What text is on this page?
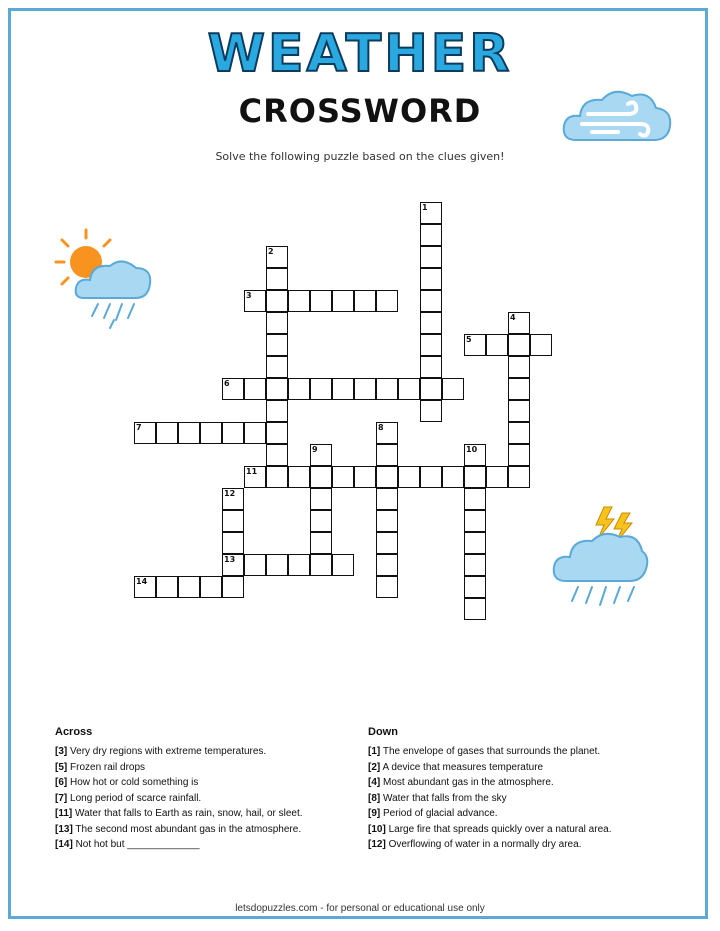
WEATHER
CROSSWORD
Solve the following puzzle based on the clues given!
1
2
3
4
5
6
7	8
9	10
11
12
13
14
Across
[3] Very dry regions with extreme temperatures.
[5] Frozen rail drops
[6] How hot or cold something is
[7] Long period of scarce rainfall.
[11] Water that falls to Earth as rain, snow, hail, or sleet.
[13] The second most abundant gas in the atmosphere.
[14] Not hot but _____________
Down
[1] The envelope of gases that surrounds the planet.
[2] A device that measures temperature
[4] Most abundant gas in the atmosphere.
[8] Water that falls from the sky
[9] Period of glacial advance.
[10] Large fire that spreads quickly over a natural area.
[12] Overflowing of water in a normally dry area.
letsdopuzzles.com - for personal or educational use only
